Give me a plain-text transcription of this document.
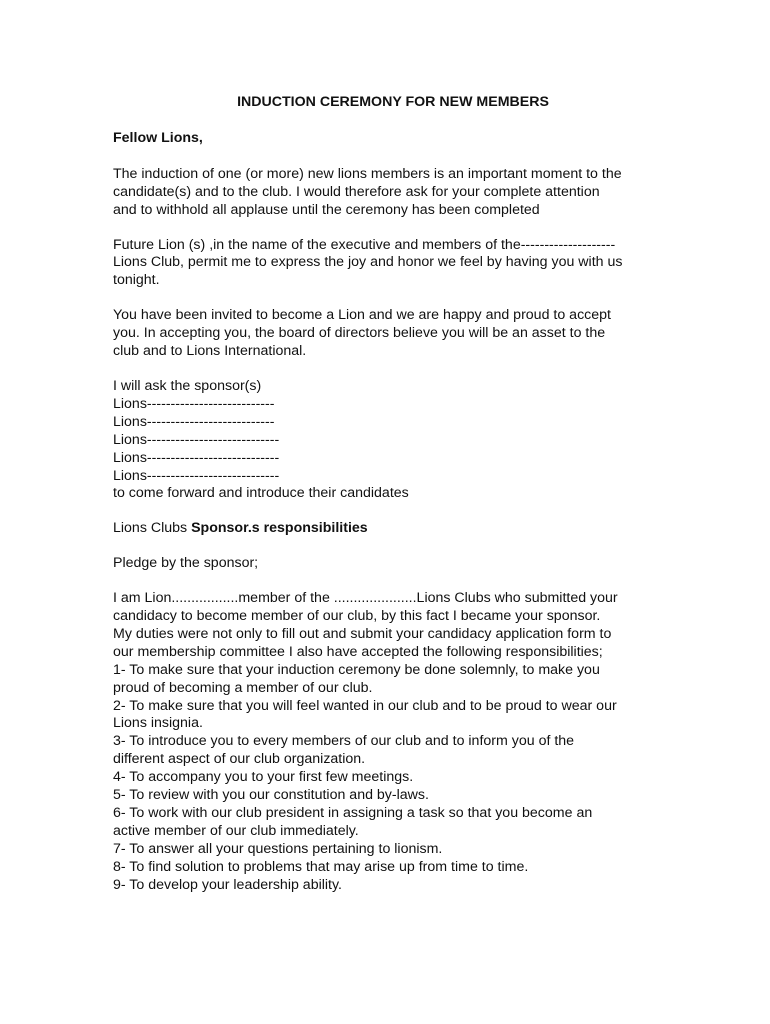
INDUCTION CEREMONY FOR NEW MEMBERS
Fellow Lions,

The induction of one (or more) new lions members is an important moment to the
candidate(s) and to the club. I would therefore ask for your complete attention
and to withhold all applause until the ceremony has been completed

Future Lion (s) ,in the name of the executive and members of the--------------------
Lions Club, permit me to express the joy and honor we feel by having you with us
tonight.

You have been invited to become a Lion and we are happy and proud to accept
you. In accepting you, the board of directors believe you will be an asset to the
club and to Lions International.

I will ask the sponsor(s)
Lions---------------------------
Lions---------------------------
Lions----------------------------
Lions----------------------------
Lions----------------------------
to come forward and introduce their candidates

Lions Clubs Sponsor.s responsibilities

Pledge by the sponsor;

I am Lion.................member of the .....................Lions Clubs who submitted your
candidacy to become member of our club, by this fact I became your sponsor.
My duties were not only to fill out and submit your candidacy application form to
our membership committee I also have accepted the following responsibilities;
1- To make sure that your induction ceremony be done solemnly, to make you
proud of becoming a member of our club.
2- To make sure that you will feel wanted in our club and to be proud to wear our
Lions insignia.
3- To introduce you to every members of our club and to inform you of the
different aspect of our club organization.
4- To accompany you to your first few meetings.
5- To review with you our constitution and by-laws.
6- To work with our club president in assigning a task so that you become an
active member of our club immediately.
7- To answer all your questions pertaining to lionism.
8- To find solution to problems that may arise up from time to time.
9- To develop your leadership ability.
